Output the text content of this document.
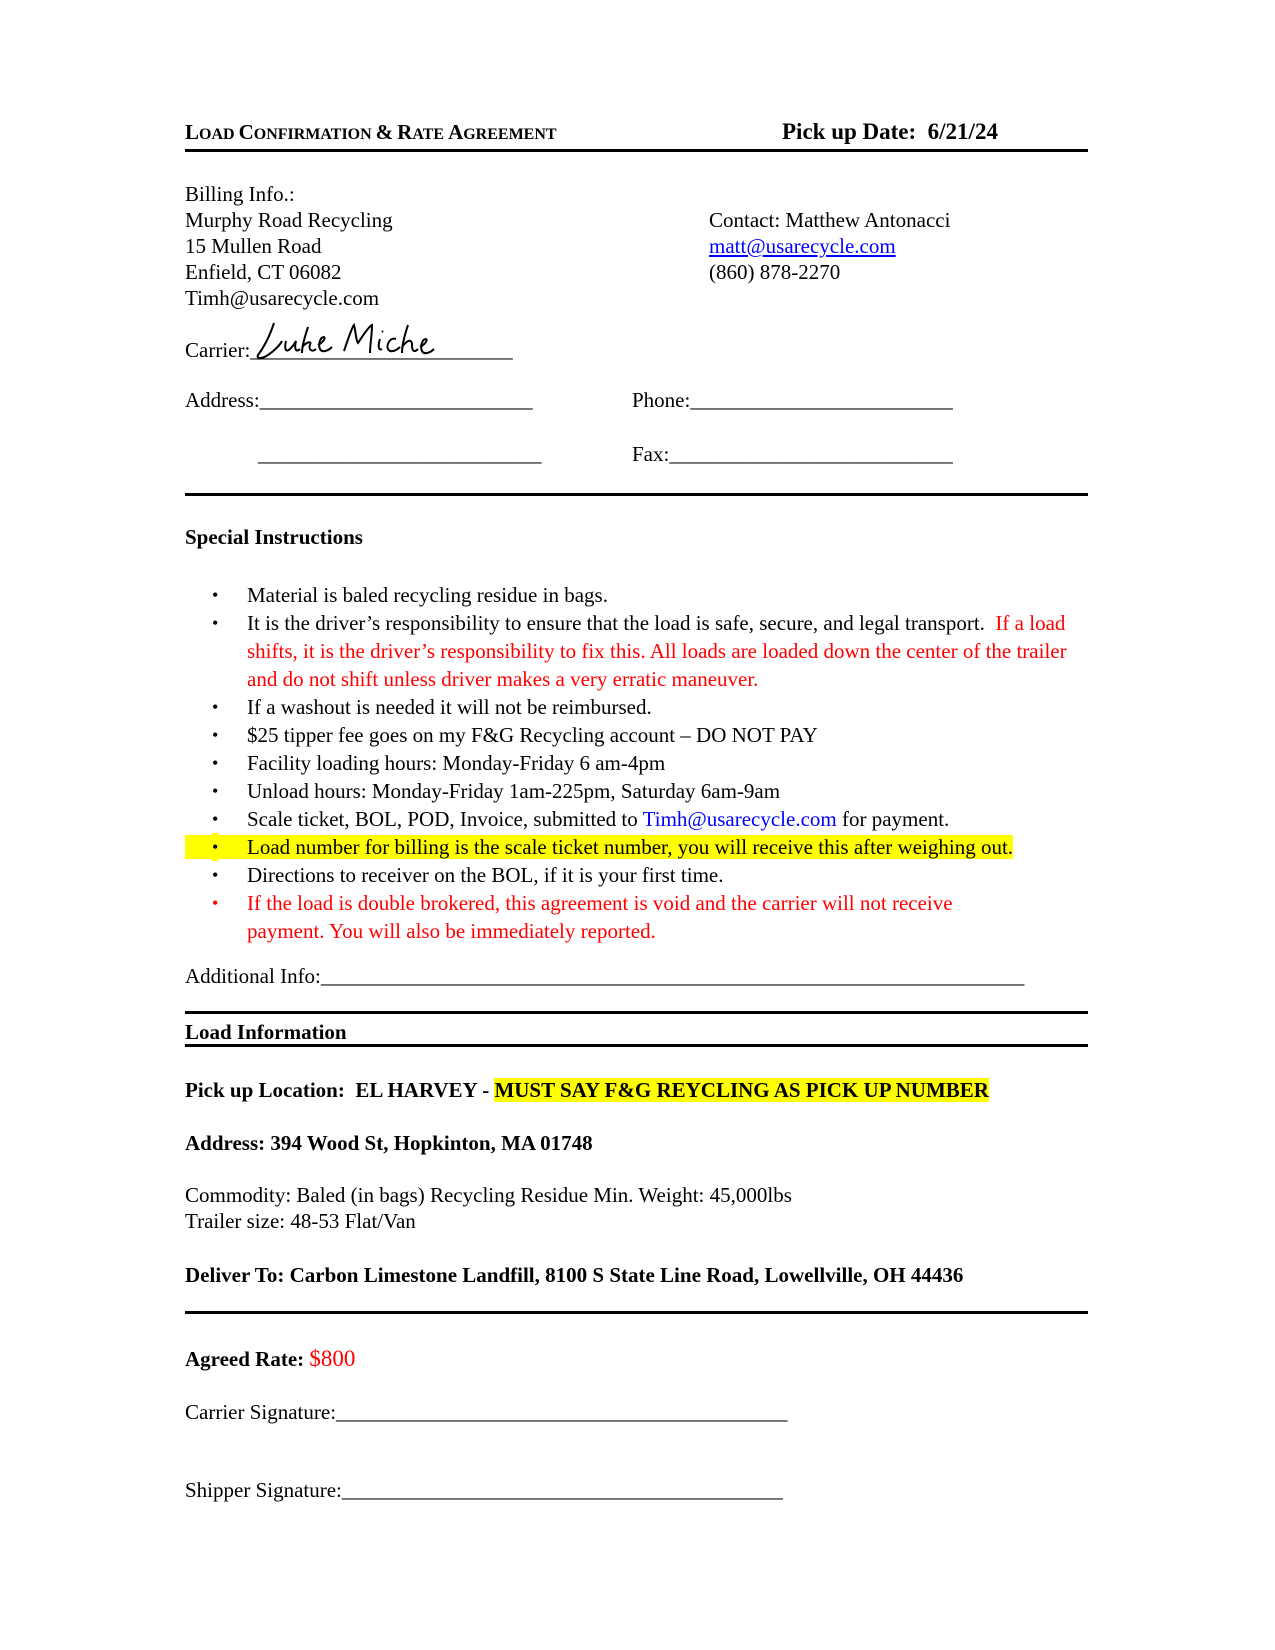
LOAD CONFIRMATION & RATE AGREEMENT	Pick up Date: 6/21/24
Billing Info.:
Murphy Road Recycling
15 Mullen Road
Enfield, CT 06082
Timh@usarecycle.com
Contact: Matthew Antonacci
matt@usarecycle.com
(860) 878-2270
Carrier:_________________________
Address:__________________________	Phone:_________________________
___________________________	Fax:___________________________
Special Instructions
• Material is baled recycling residue in bags.
• It is the driver’s responsibility to ensure that the load is safe, secure, and legal transport. If a load shifts, it is the driver’s responsibility to fix this. All loads are loaded down the center of the trailer and do not shift unless driver makes a very erratic maneuver.
• If a washout is needed it will not be reimbursed.
• $25 tipper fee goes on my F&G Recycling account – DO NOT PAY
• Facility loading hours: Monday-Friday 6 am-4pm
• Unload hours: Monday-Friday 1am-225pm, Saturday 6am-9am
• Scale ticket, BOL, POD, Invoice, submitted to Timh@usarecycle.com for payment.
• Load number for billing is the scale ticket number, you will receive this after weighing out.
• Directions to receiver on the BOL, if it is your first time.
• If the load is double brokered, this agreement is void and the carrier will not receive
payment. You will also be immediately reported.
Additional Info:___________________________________________________________________
Load Information
Pick up Location:  EL HARVEY - MUST SAY F&G REYCLING AS PICK UP NUMBER
Address: 394 Wood St, Hopkinton, MA 01748
Commodity: Baled (in bags) Recycling Residue Min. Weight: 45,000lbs
Trailer size: 48-53 Flat/Van
Deliver To: Carbon Limestone Landfill, 8100 S State Line Road, Lowellville, OH 44436
Agreed Rate: $800
Carrier Signature:___________________________________________
Shipper Signature:__________________________________________
